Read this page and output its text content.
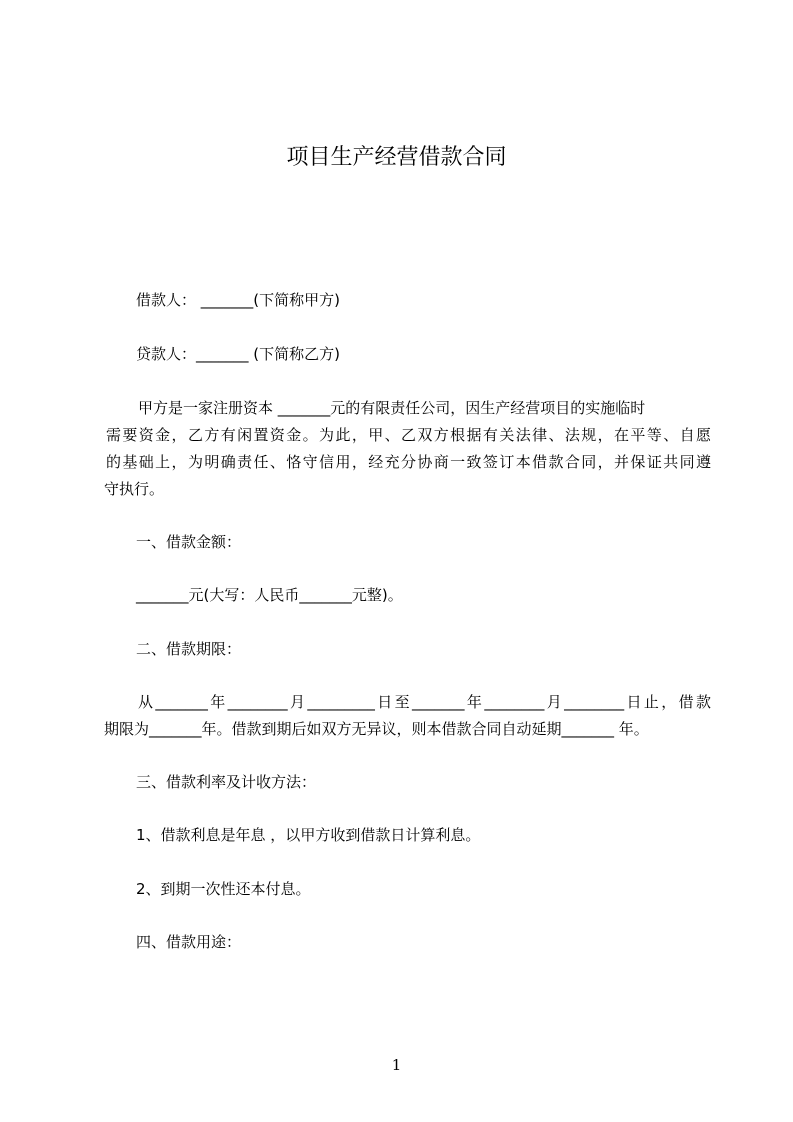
项目生产经营借款合同
借款人： _______(下简称甲方)
贷款人：_______ (下简称乙方)
甲方是一家注册资本 _______元的有限责任公司，因生产经营项目的实施临时
需要资金，乙方有闲置资金。为此，甲、乙双方根据有关法律、法规，在平等、自愿
的基础上，为明确责任、恪守信用，经充分协商一致签订本借款合同，并保证共同遵
守执行。
一、借款金额：
_______元(大写：人民币_______元整)。
二、借款期限：
从_______年________月_________日至_______年________月________日止，借款
期限为_______年。借款到期后如双方无异议，则本借款合同自动延期_______ 年。
三、借款利率及计收方法：
1、借款利息是年息 ，以甲方收到借款日计算利息。
2、到期一次性还本付息。
四、借款用途：
1
